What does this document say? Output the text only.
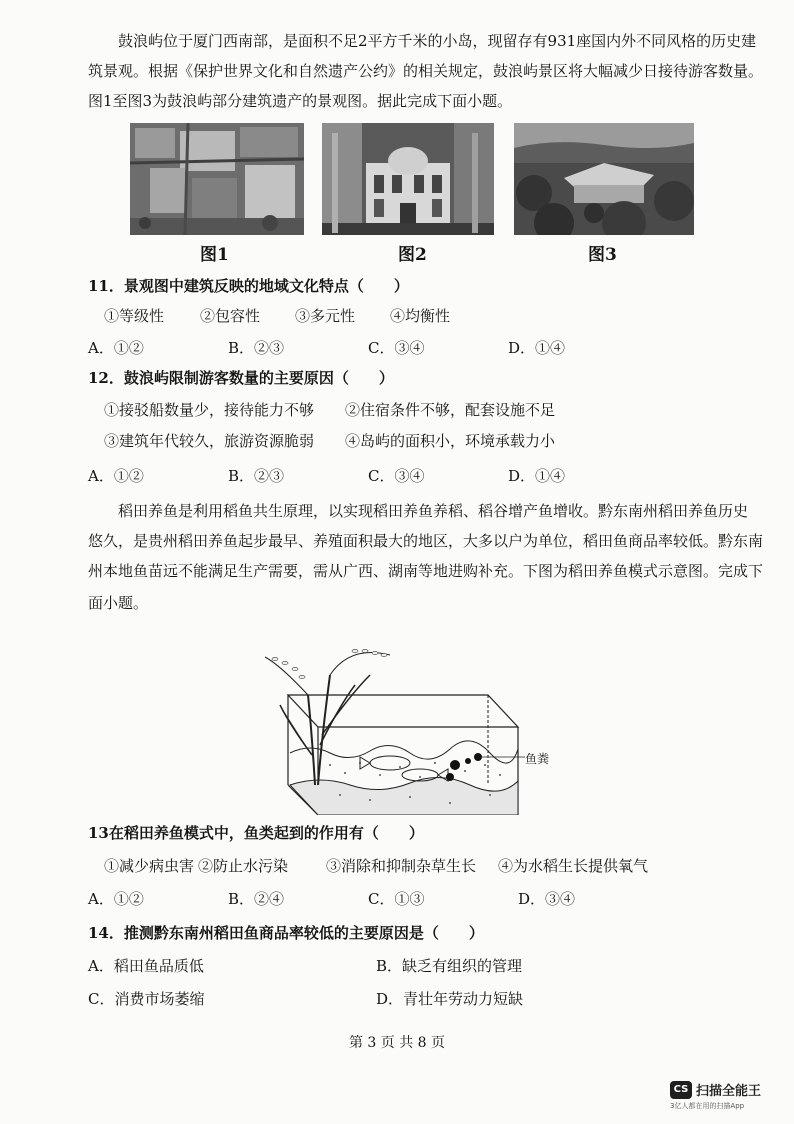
鼓浪屿位于厦门西南部，是面积不足2平方千米的小岛，现留存有931座国内外不同风格的历史建
筑景观。根据《保护世界文化和自然遗产公约》的相关规定，鼓浪屿景区将大幅减少日接待游客数量。
图1至图3为鼓浪屿部分建筑遗产的景观图。据此完成下面小题。
图1	图2	图3
11．景观图中建筑反映的地域文化特点（　　）
①等级性 ②包容性 ③多元性 ④均衡性
A．①②	B．②③	C．③④	D．①④
12．鼓浪屿限制游客数量的主要原因（　　）
①接驳船数量少，接待能力不够 ②住宿条件不够，配套设施不足
③建筑年代较久，旅游资源脆弱 ④岛屿的面积小，环境承载力小
A．①②	B．②③	C．③④	D．①④
稻田养鱼是利用稻鱼共生原理，以实现稻田养鱼养稻、稻谷增产鱼增收。黔东南州稻田养鱼历史
悠久，是贵州稻田养鱼起步最早、养殖面积最大的地区，大多以户为单位，稻田鱼商品率较低。黔东南
州本地鱼苗远不能满足生产需要，需从广西、湖南等地进购补充。下图为稻田养鱼模式示意图。完成下
面小题。
鱼粪
13在稻田养鱼模式中，鱼类起到的作用有（　　）
①减少病虫害 ②防止水污染	③消除和抑制杂草生长 ④为水稻生长提供氧气
A．①②	B．②④	C．①③	D．③④
14．推测黔东南州稻田鱼商品率较低的主要原因是（　　）
A．稻田鱼品质低	B．缺乏有组织的管理
C．消费市场萎缩	D．青壮年劳动力短缺
第 3 页 共 8 页
CS 扫描全能王
3亿人都在用的扫描App
